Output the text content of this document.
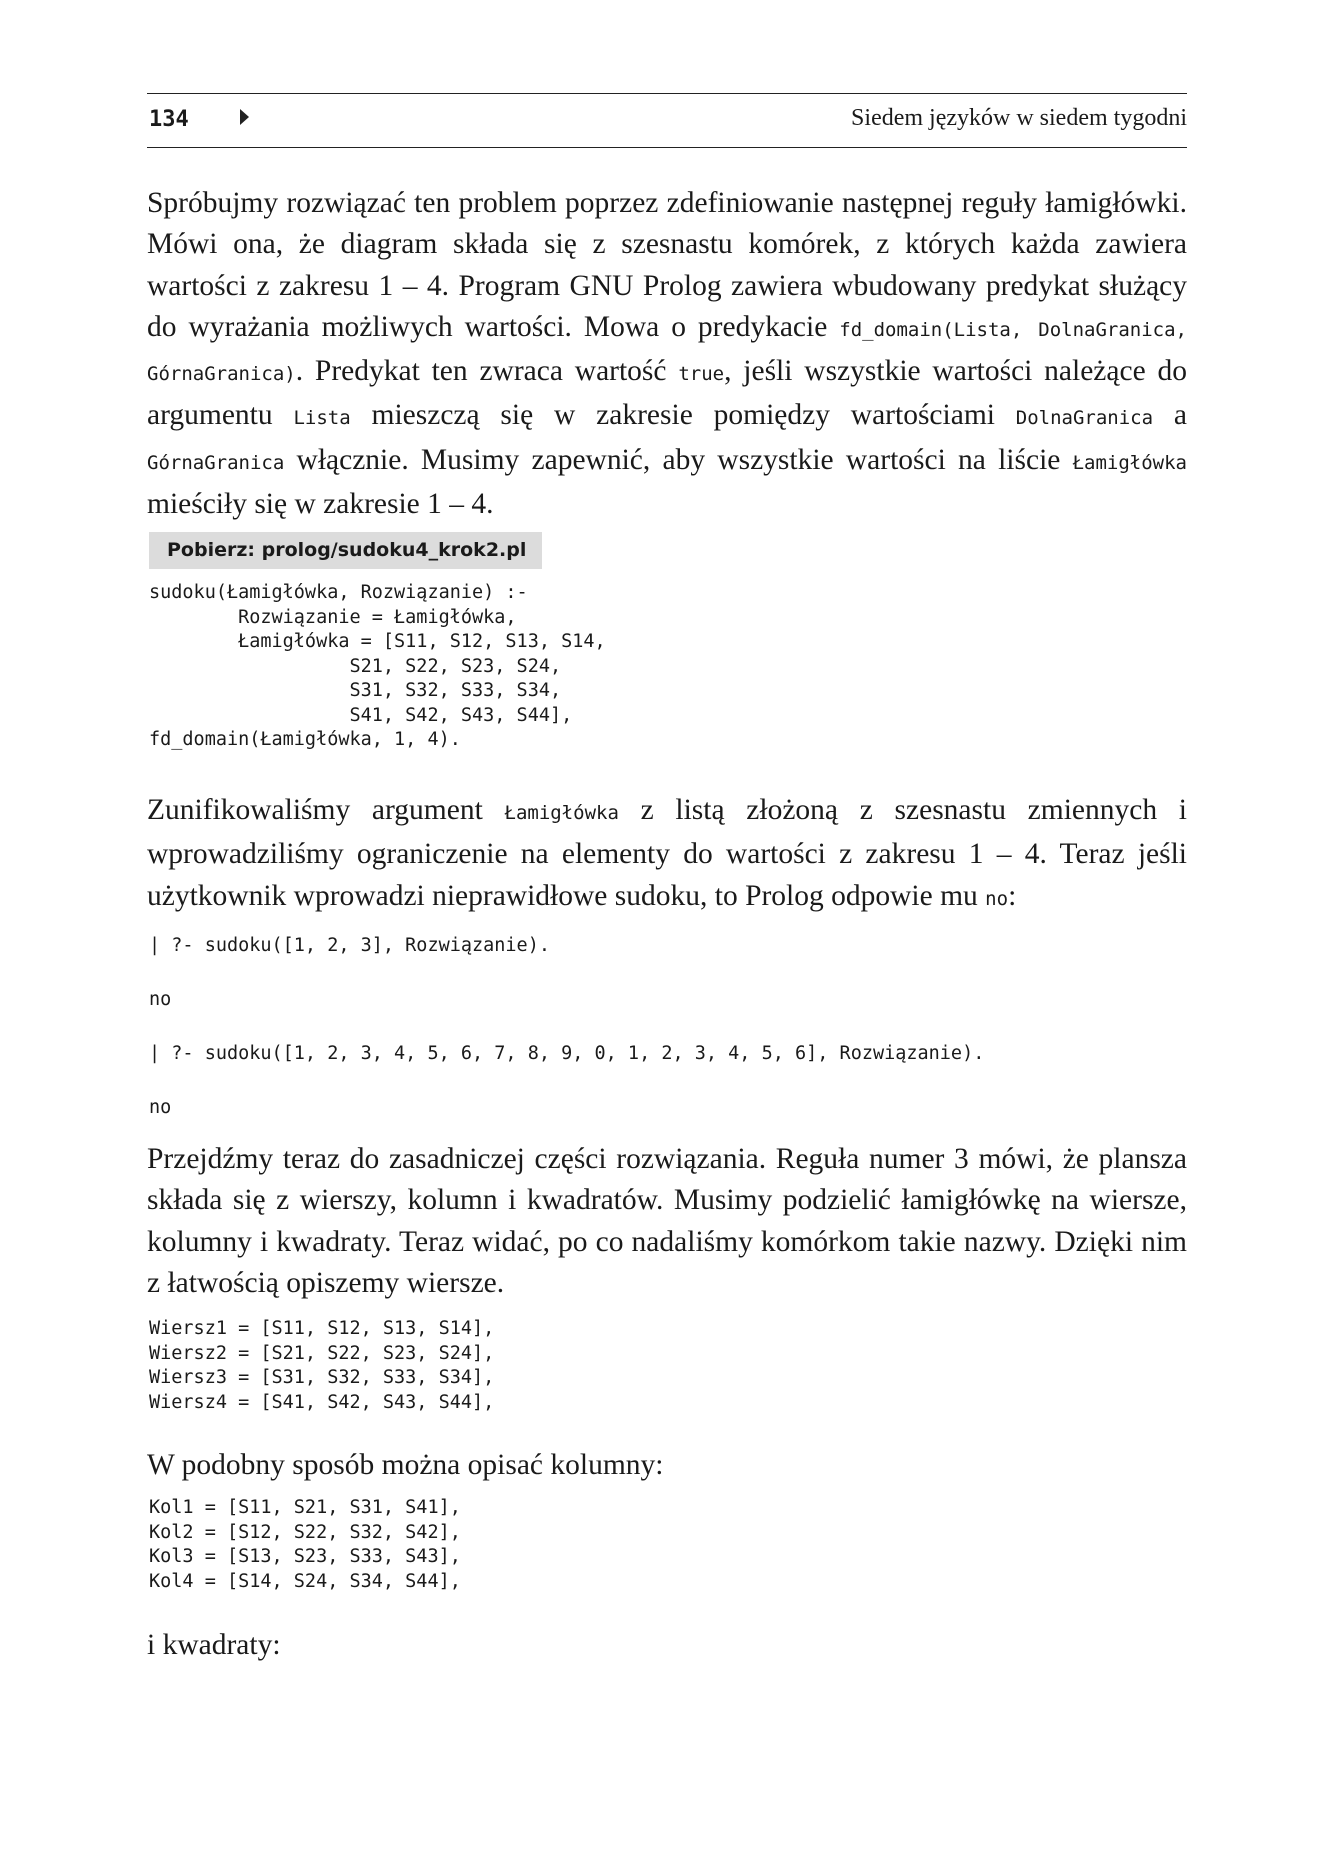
134	Siedem języków w siedem tygodni

Spróbujmy rozwiązać ten problem poprzez zdefiniowanie następnej reguły łamigłówki. Mówi ona, że diagram składa się z szesnastu komórek, z których każda zawiera wartości z zakresu 1 – 4. Program GNU Prolog zawiera wbudowany predykat służący do wyrażania możliwych wartości. Mowa o predykacie fd_domain(Lista, DolnaGranica, GórnaGranica). Predykat ten zwraca wartość true, jeśli wszystkie wartości należące do argumentu Lista mieszczą się w zakresie pomiędzy wartościami DolnaGranica a GórnaGranica włącznie. Musimy zapewnić, aby wszystkie wartości na liście Łamigłówka mieściły się w zakresie 1 – 4.

Pobierz: prolog/sudoku4_krok2.pl
sudoku(Łamigłówka, Rozwiązanie) :-
Rozwiązanie = Łamigłówka,
Łamigłówka = [S11, S12, S13, S14,
S21, S22, S23, S24,
S31, S32, S33, S34,
S41, S42, S43, S44],
fd_domain(Łamigłówka, 1, 4).

Zunifikowaliśmy argument Łamigłówka z listą złożoną z szesnastu zmiennych i wprowadziliśmy ograniczenie na elementy do wartości z zakresu 1 – 4. Teraz jeśli użytkownik wprowadzi nieprawidłowe sudoku, to Prolog odpowie mu no:

| ?- sudoku([1, 2, 3], Rozwiązanie).

no

| ?- sudoku([1, 2, 3, 4, 5, 6, 7, 8, 9, 0, 1, 2, 3, 4, 5, 6], Rozwiązanie).

no

Przejdźmy teraz do zasadniczej części rozwiązania. Reguła numer 3 mówi, że plansza składa się z wierszy, kolumn i kwadratów. Musimy podzielić łamigłówkę na wiersze, kolumny i kwadraty. Teraz widać, po co nadaliśmy komórkom takie nazwy. Dzięki nim z łatwością opiszemy wiersze.

Wiersz1 = [S11, S12, S13, S14],
Wiersz2 = [S21, S22, S23, S24],
Wiersz3 = [S31, S32, S33, S34],
Wiersz4 = [S41, S42, S43, S44],

W podobny sposób można opisać kolumny:

Kol1 = [S11, S21, S31, S41],
Kol2 = [S12, S22, S32, S42],
Kol3 = [S13, S23, S33, S43],
Kol4 = [S14, S24, S34, S44],

i kwadraty:
